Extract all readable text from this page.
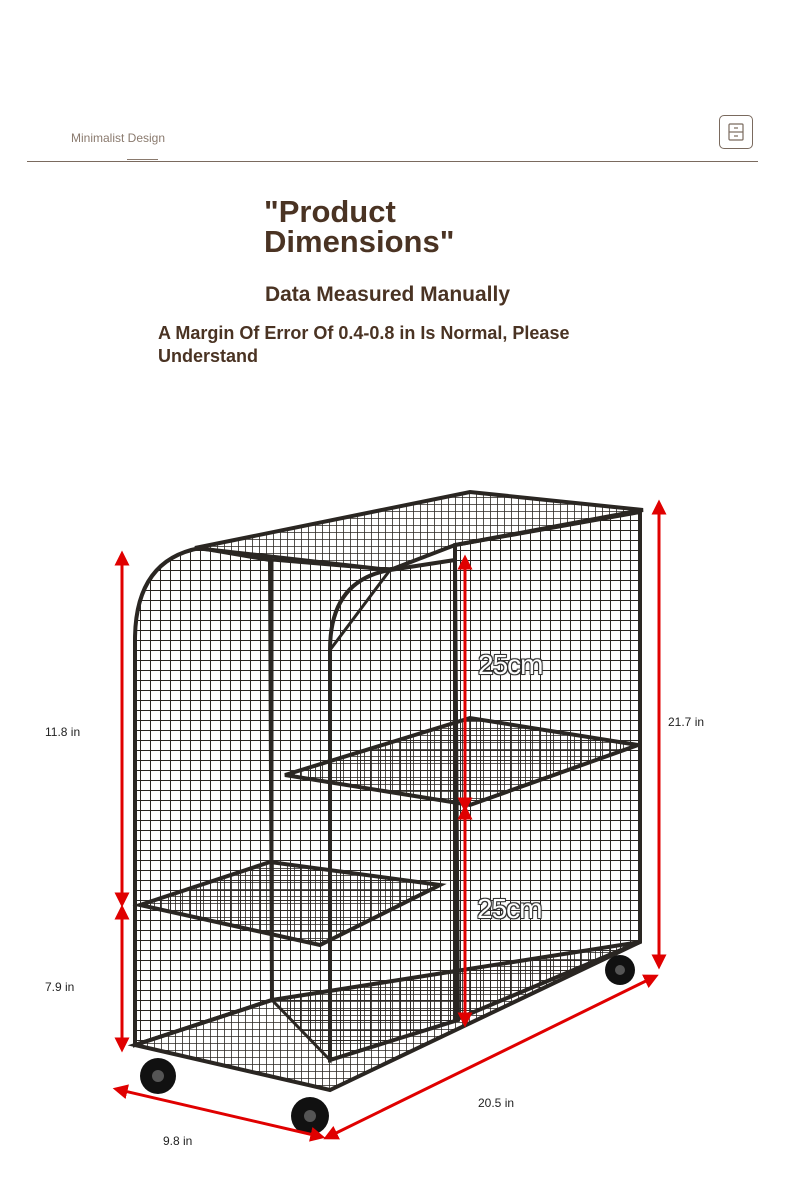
Minimalist Design
"Product Dimensions"
Data Measured Manually
A Margin Of Error Of 0.4-0.8 in Is Normal, Please Understand
25cm
25cm
11.8 in
7.9 in
21.7 in
20.5 in
9.8 in
